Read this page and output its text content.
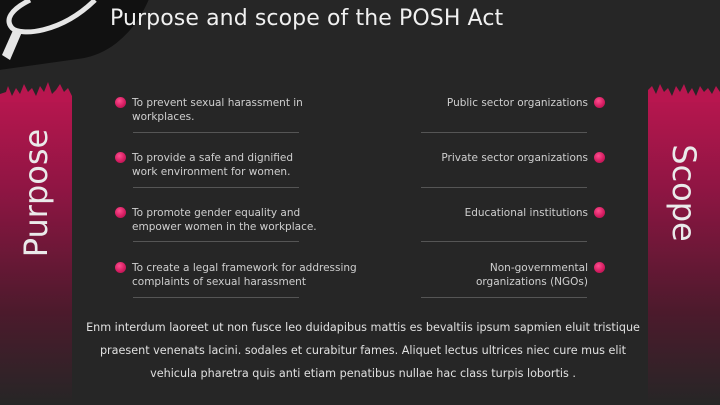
Purpose and scope of the POSH Act
Purpose	Scope
To prevent sexual harassment in workplaces.
To provide a safe and dignified work environment for women.
To promote gender equality and empower women in the workplace.
To create a legal framework for addressing complaints of sexual harassment
Public sector organizations
Private sector organizations
Educational institutions
Non-governmental organizations (NGOs)
Enm interdum laoreet ut non fusce leo duidapibus mattis es bevaltiis ipsum sapmien eluit tristique praesent venenats lacini. sodales et curabitur fames. Aliquet lectus ultrices niec cure mus elit vehicula pharetra quis anti etiam penatibus nullae hac class turpis lobortis .
